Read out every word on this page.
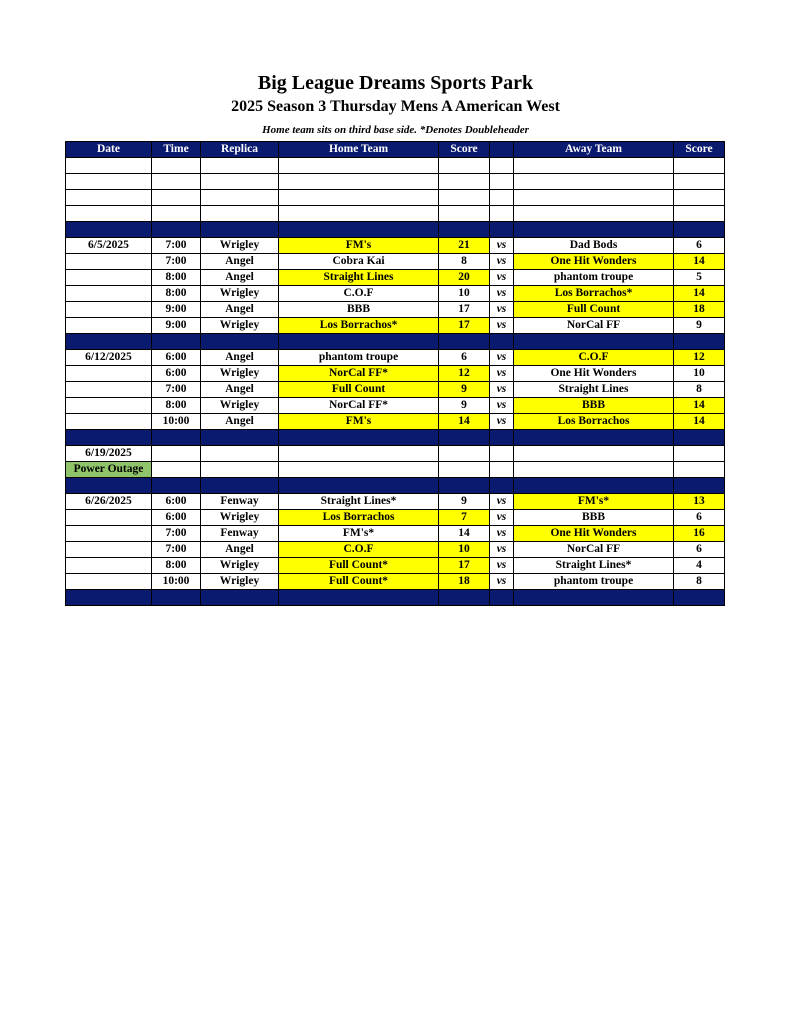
Big League Dreams Sports Park
2025 Season 3 Thursday Mens A American West
Home team sits on third base side. *Denotes Doubleheader
Date	Time	Replica	Home Team	Score		Away Team	Score

6/5/2025	7:00	Wrigley	FM's	21	vs	Dad Bods	6
	7:00	Angel	Cobra Kai	8	vs	One Hit Wonders	14
	8:00	Angel	Straight Lines	20	vs	phantom troupe	5
	8:00	Wrigley	C.O.F	10	vs	Los Borrachos*	14
	9:00	Angel	BBB	17	vs	Full Count	18
	9:00	Wrigley	Los Borrachos*	17	vs	NorCal FF	9

6/12/2025	6:00	Angel	phantom troupe	6	vs	C.O.F	12
	6:00	Wrigley	NorCal FF*	12	vs	One Hit Wonders	10
	7:00	Angel	Full Count	9	vs	Straight Lines	8
	8:00	Wrigley	NorCal FF*	9	vs	BBB	14
	10:00	Angel	FM's	14	vs	Los Borrachos	14

6/19/2025							
Power Outage							

6/26/2025	6:00	Fenway	Straight Lines*	9	vs	FM's*	13
	6:00	Wrigley	Los Borrachos	7	vs	BBB	6
	7:00	Fenway	FM's*	14	vs	One Hit Wonders	16
	7:00	Angel	C.O.F	10	vs	NorCal FF	6
	8:00	Wrigley	Full Count*	17	vs	Straight Lines*	4
	10:00	Wrigley	Full Count*	18	vs	phantom troupe	8
